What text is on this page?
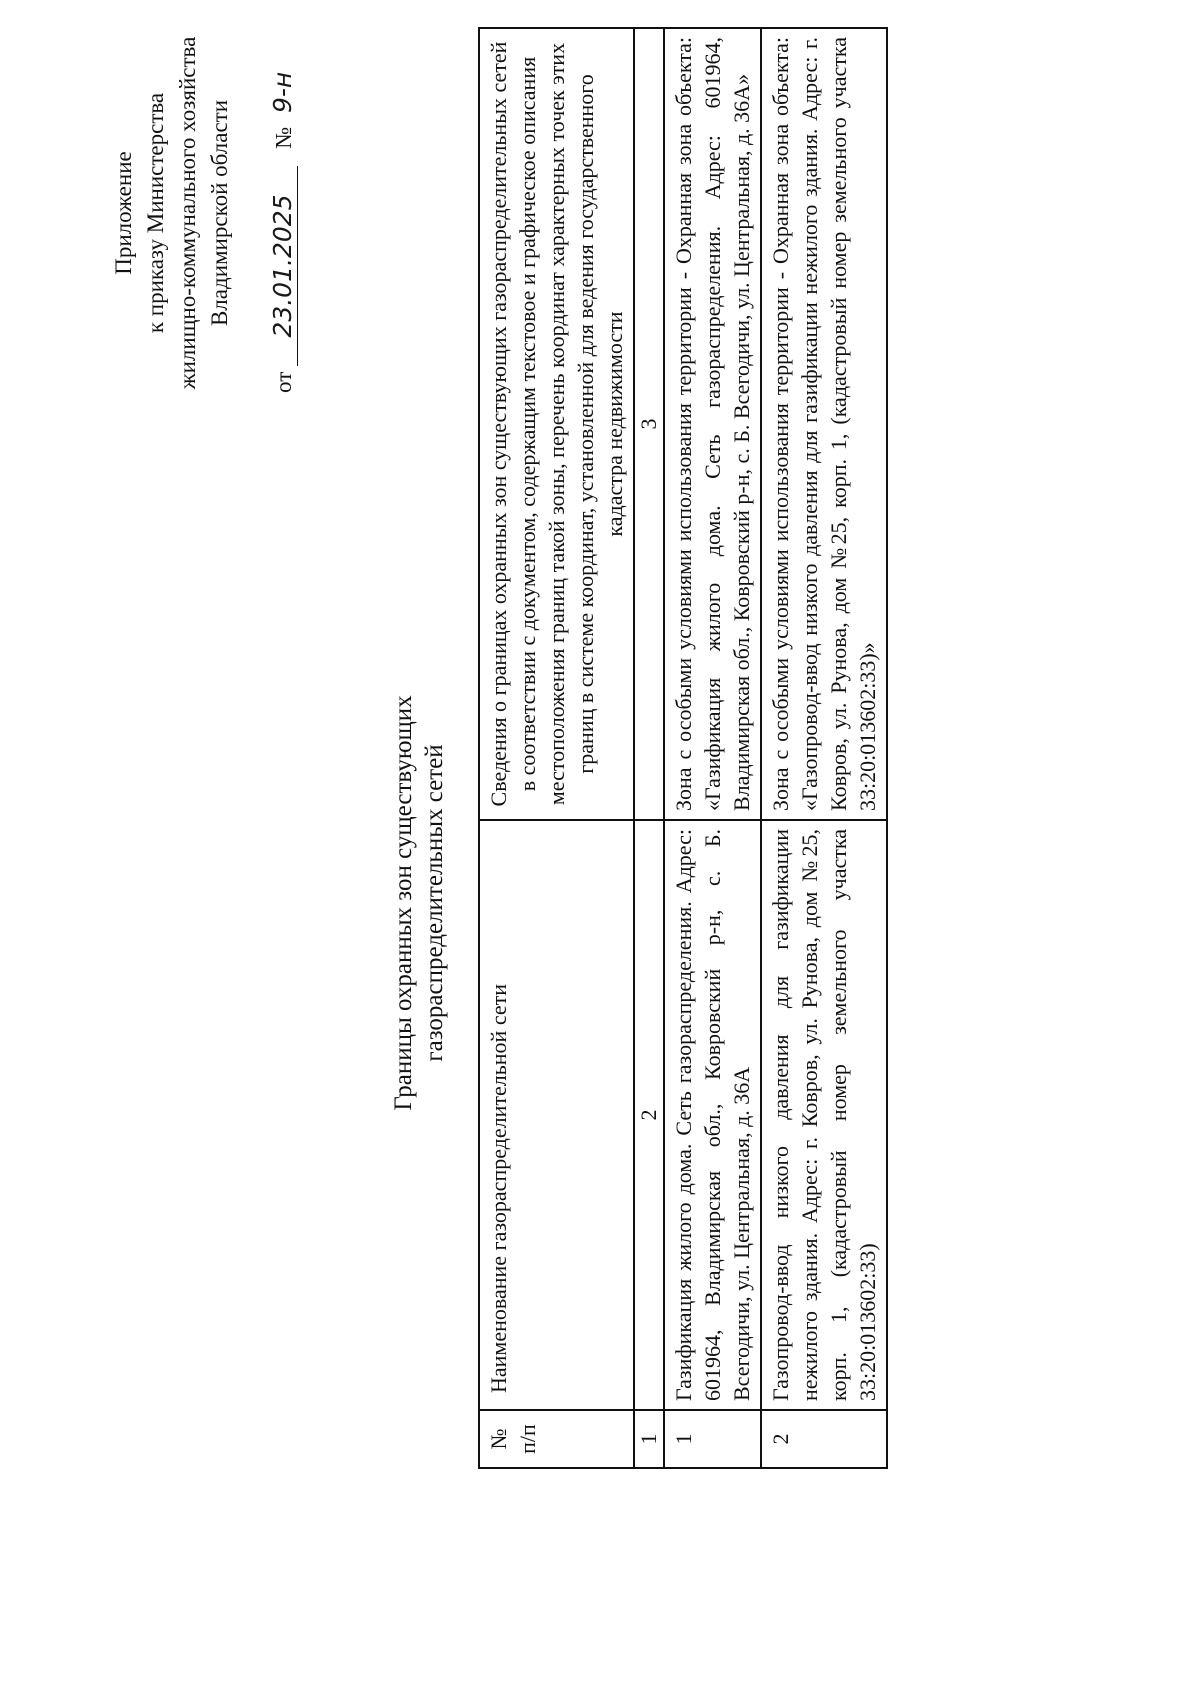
Приложение к приказу Министерства жилищно-коммунального хозяйства Владимирской области
от 23.01.2025   № 9-н
Границы охранных зон существующих газораспределительных сетей
№ п/п	Наименование газораспределительной сети	Сведения о границах охранных зон существующих газораспределительных сетей в соответствии с документом, содержащим текстовое и графическое описания местоположения границ такой зоны, перечень координат характерных точек этих границ в системе координат, установленной для ведения государственного кадастра недвижимости
1	2	3
1	Газификация жилого дома. Сеть газораспределения. Адрес: 601964, Владимирская обл., Ковровский р-н, с. Б. Всегодичи, ул. Центральная, д. 36А	Зона с особыми условиями использования территории - Охранная зона объекта: «Газификация жилого дома. Сеть газораспределения. Адрес: 601964, Владимирская обл., Ковровский р-н, с. Б. Всегодичи, ул. Центральная, д. 36А»
2	Газопровод-ввод низкого давления для газификации нежилого здания. Адрес: г. Ковров, ул. Рунова, дом №25, корп. 1, (кадастровый номер земельного участка 33:20:013602:33)	Зона с особыми условиями использования территории - Охранная зона объекта: «Газопровод-ввод низкого давления для газификации нежилого здания. Адрес: г. Ковров, ул. Рунова, дом №25, корп. 1, (кадастровый номер земельного участка 33:20:013602:33)»
